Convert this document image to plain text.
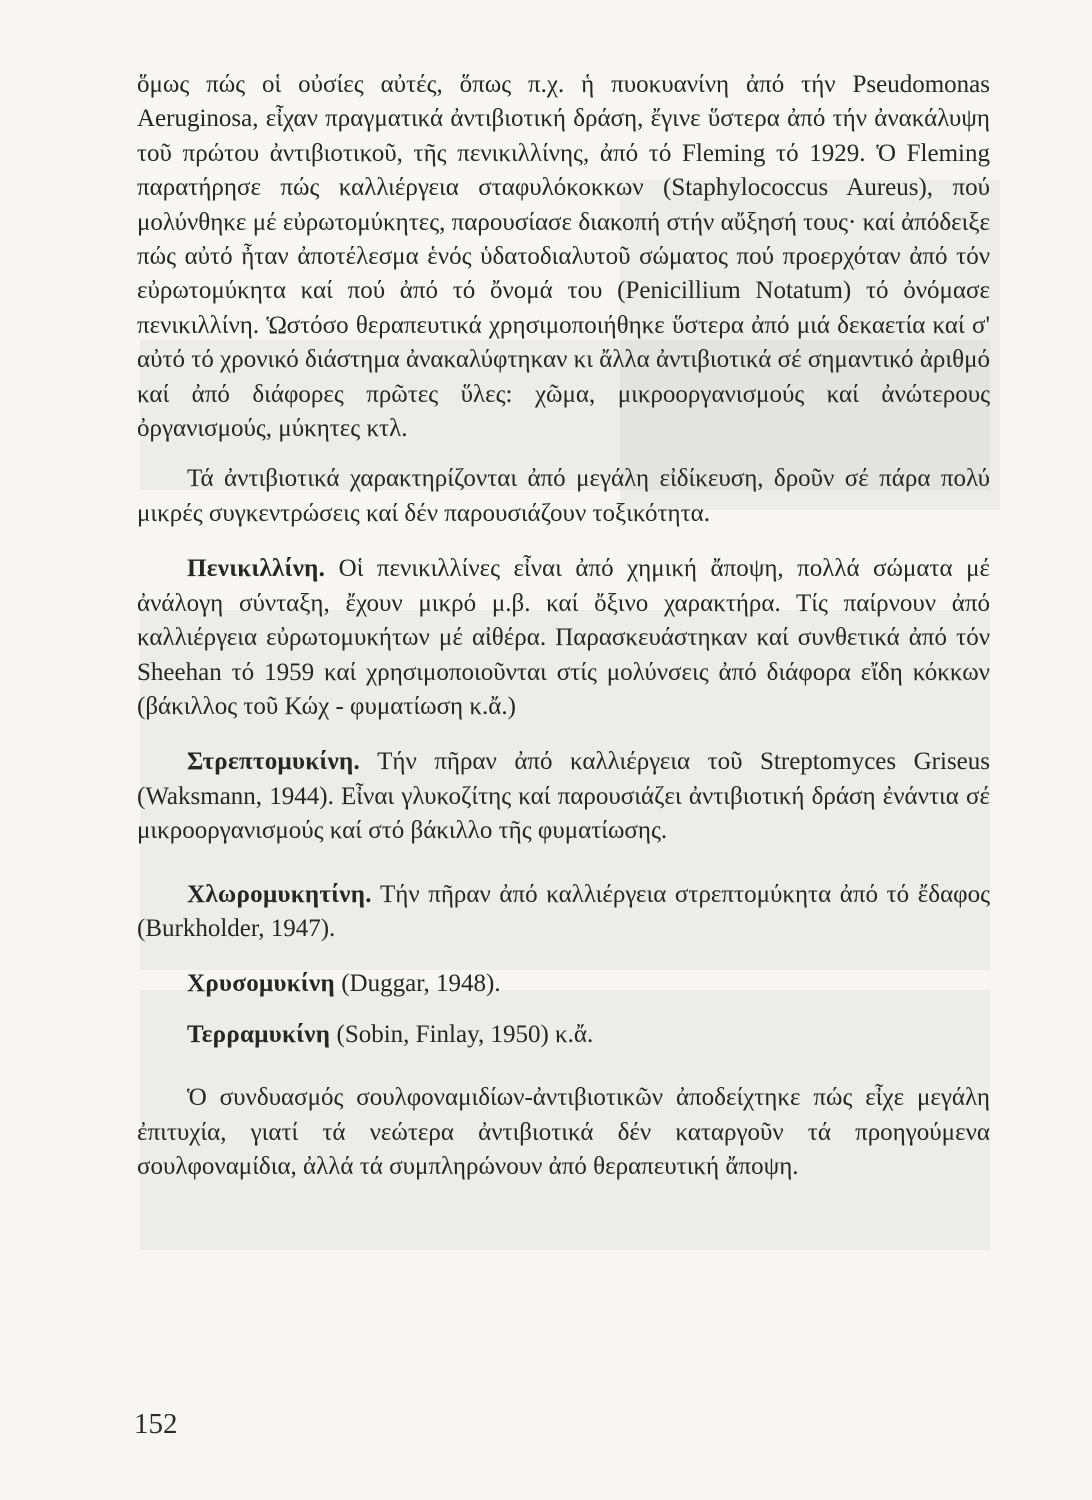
ὅμως πώς οἱ οὐσίες αὐτές, ὅπως π.χ. ἡ πυοκυανίνη ἀπό τήν Pseudomonas Aeruginosa, εἶχαν πραγματικά ἀντιβιοτική δράση, ἔγινε ὕστερα ἀπό τήν ἀνακάλυψη τοῦ πρώτου ἀντιβιοτικοῦ, τῆς πενικιλλίνης, ἀπό τό Fleming τό 1929. Ὁ Fleming παρατήρησε πώς καλλιέργεια σταφυλόκοκκων (Staphylococcus Aureus), πού μολύνθηκε μέ εὐρωτομύκητες, παρουσίασε διακοπή στήν αὔξησή τους· καί ἀπόδειξε πώς αὐτό ἦταν ἀποτέλεσμα ἑνός ὑδατοδιαλυτοῦ σώματος πού προερχόταν ἀπό τόν εὐρωτομύκητα καί πού ἀπό τό ὄνομά του (Penicillium Notatum) τό ὀνόμασε πενικιλλίνη. Ὡστόσο θεραπευτικά χρησιμοποιήθηκε ὕστερα ἀπό μιά δεκαετία καί σ' αὐτό τό χρονικό διάστημα ἀνακαλύφτηκαν κι ἄλλα ἀντιβιοτικά σέ σημαντικό ἀριθμό καί ἀπό διάφορες πρῶτες ὕλες: χῶμα, μικροοργανισμούς καί ἀνώτερους ὀργανισμούς, μύκητες κτλ.

Τά ἀντιβιοτικά χαρακτηρίζονται ἀπό μεγάλη εἰδίκευση, δροῦν σέ πάρα πολύ μικρές συγκεντρώσεις καί δέν παρουσιάζουν τοξικότητα.

Πενικιλλίνη. Οἱ πενικιλλίνες εἶναι ἀπό χημική ἄποψη, πολλά σώματα μέ ἀνάλογη σύνταξη, ἔχουν μικρό μ.β. καί ὄξινο χαρακτήρα. Τίς παίρνουν ἀπό καλλιέργεια εὐρωτομυκήτων μέ αἰθέρα. Παρασκευάστηκαν καί συνθετικά ἀπό τόν Sheehan τό 1959 καί χρησιμοποιοῦνται στίς μολύνσεις ἀπό διάφορα εἴδη κόκκων (βάκιλλος τοῦ Κώχ - φυματίωση κ.ἄ.)

Στρεπτομυκίνη. Τήν πῆραν ἀπό καλλιέργεια τοῦ Streptomyces Griseus (Waksmann, 1944). Εἶναι γλυκοζίτης καί παρουσιάζει ἀντιβιοτική δράση ἐνάντια σέ μικροοργανισμούς καί στό βάκιλλο τῆς φυματίωσης.

Χλωρομυκητίνη. Τήν πῆραν ἀπό καλλιέργεια στρεπτομύκητα ἀπό τό ἔδαφος (Burkholder, 1947).

Χρυσομυκίνη (Duggar, 1948).

Τερραμυκίνη (Sobin, Finlay, 1950) κ.ἄ.

Ὁ συνδυασμός σουλφοναμιδίων-ἀντιβιοτικῶν ἀποδείχτηκε πώς εἶχε μεγάλη ἐπιτυχία, γιατί τά νεώτερα ἀντιβιοτικά δέν καταργοῦν τά προηγούμενα σουλφοναμίδια, ἀλλά τά συμπληρώνουν ἀπό θεραπευτική ἄποψη.

152
